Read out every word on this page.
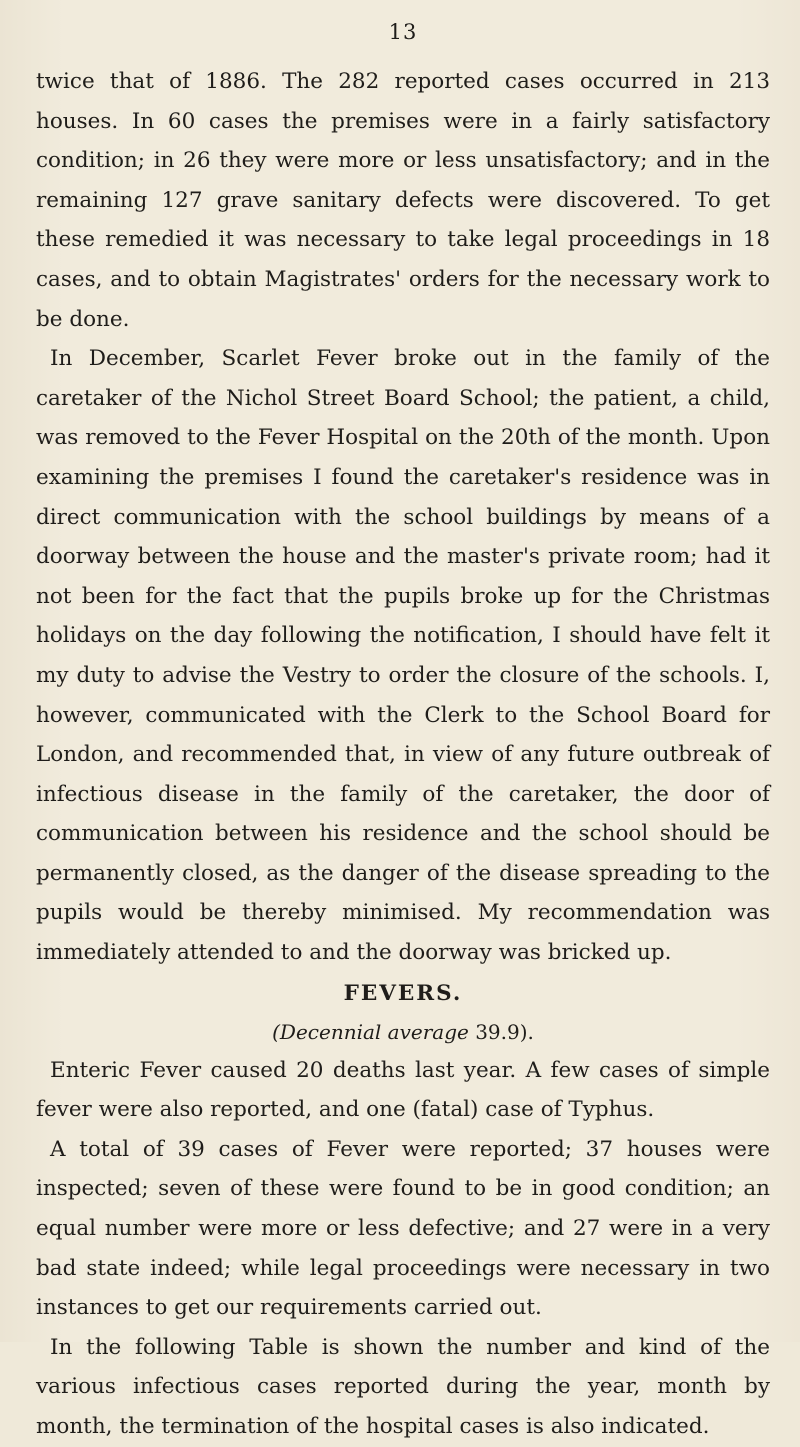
13

twice that of 1886. The 282 reported cases occurred in 213 houses. In 60 cases the premises were in a fairly satisfactory condition; in 26 they were more or less unsatisfactory; and in the remaining 127 grave sanitary defects were discovered. To get these remedied it was necessary to take legal proceedings in 18 cases, and to obtain Magistrates' orders for the necessary work to be done.

In December, Scarlet Fever broke out in the family of the caretaker of the Nichol Street Board School; the patient, a child, was removed to the Fever Hospital on the 20th of the month. Upon examining the premises I found the caretaker's residence was in direct communication with the school buildings by means of a doorway between the house and the master's private room; had it not been for the fact that the pupils broke up for the Christmas holidays on the day following the notification, I should have felt it my duty to advise the Vestry to order the closure of the schools. I, however, communicated with the Clerk to the School Board for London, and recommended that, in view of any future outbreak of infectious disease in the family of the caretaker, the door of communication between his residence and the school should be permanently closed, as the danger of the disease spreading to the pupils would be thereby minimised. My recommendation was immediately attended to and the doorway was bricked up.

FEVERS.

(Decennial average 39.9).

Enteric Fever caused 20 deaths last year. A few cases of simple fever were also reported, and one (fatal) case of Typhus.

A total of 39 cases of Fever were reported; 37 houses were inspected; seven of these were found to be in good condition; an equal number were more or less defective; and 27 were in a very bad state indeed; while legal proceedings were necessary in two instances to get our requirements carried out.

In the following Table is shown the number and kind of the various infectious cases reported during the year, month by month, the termination of the hospital cases is also indicated.
